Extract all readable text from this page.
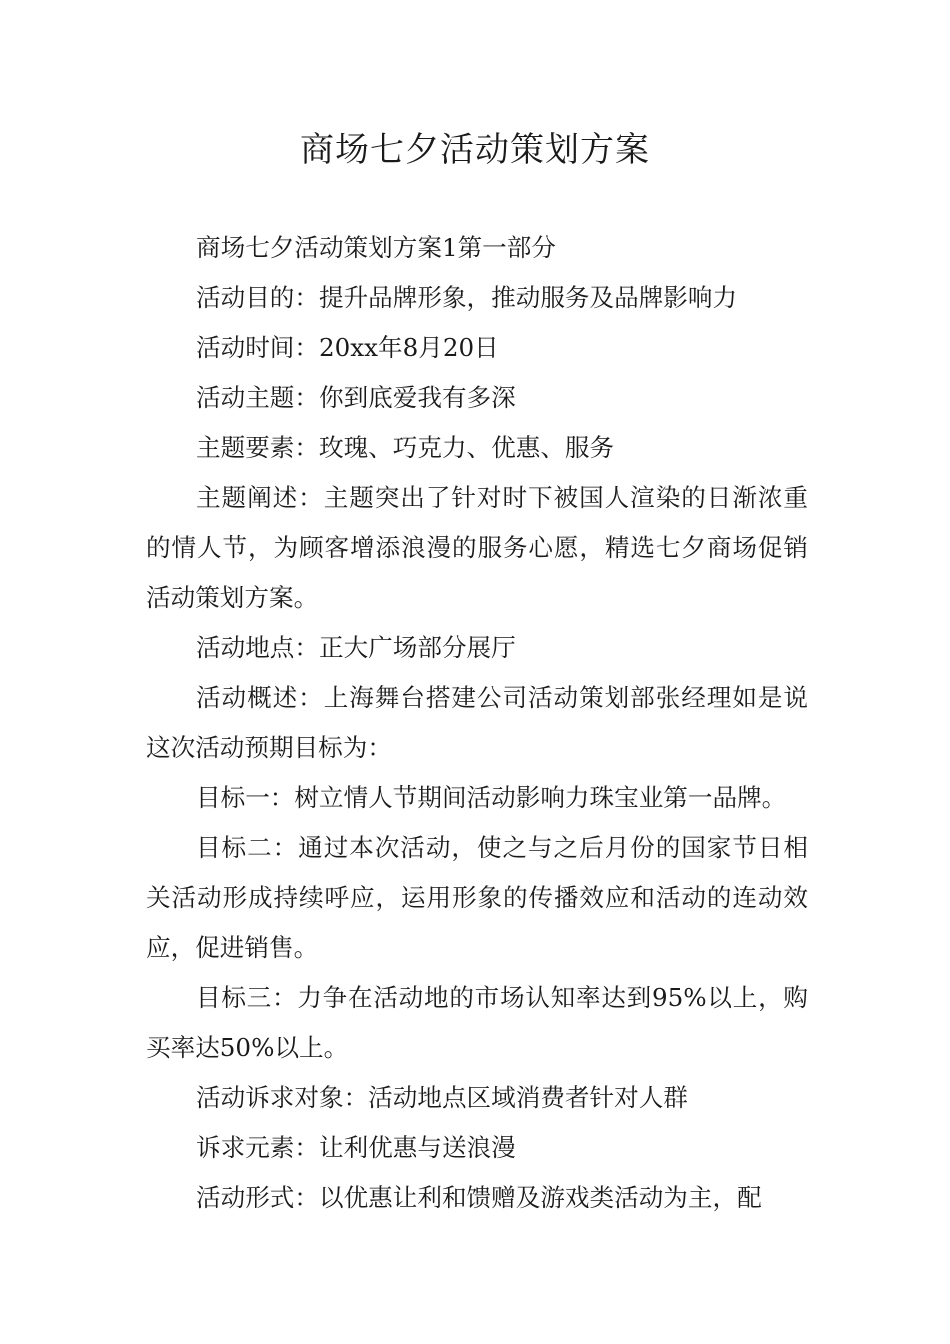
商场七夕活动策划方案

商场七夕活动策划方案1第一部分

活动目的：提升品牌形象，推动服务及品牌影响力

活动时间：20xx年8月20日

活动主题：你到底爱我有多深

主题要素：玫瑰、巧克力、优惠、服务

主题阐述：主题突出了针对时下被国人渲染的日渐浓重的情人节，为顾客增添浪漫的服务心愿，精选七夕商场促销活动策划方案。

活动地点：正大广场部分展厅

活动概述：上海舞台搭建公司活动策划部张经理如是说这次活动预期目标为：

目标一：树立情人节期间活动影响力珠宝业第一品牌。

目标二：通过本次活动，使之与之后月份的国家节日相关活动形成持续呼应，运用形象的传播效应和活动的连动效应，促进销售。

目标三：力争在活动地的市场认知率达到95%以上，购买率达50%以上。

活动诉求对象：活动地点区域消费者针对人群

诉求元素：让利优惠与送浪漫

活动形式：以优惠让利和馈赠及游戏类活动为主，配
